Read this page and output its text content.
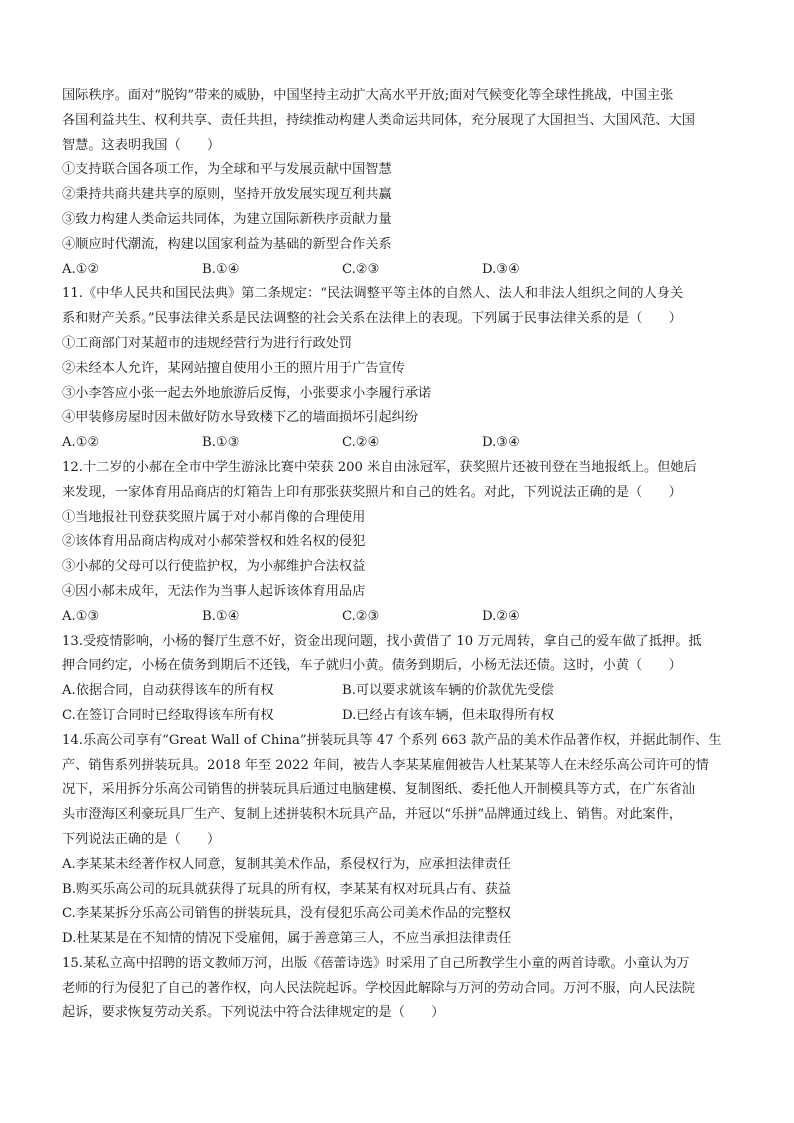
国际秩序。面对“脱钩”带来的威胁，中国坚持主动扩大高水平开放;面对气候变化等全球性挑战，中国主张

各国利益共生、权利共享、责任共担，持续推动构建人类命运共同体，充分展现了大国担当、大国风范、大国

智慧。这表明我国（　　）

①支持联合国各项工作，为全球和平与发展贡献中国智慧

②秉持共商共建共享的原则，坚持开放发展实现互利共赢

③致力构建人类命运共同体，为建立国际新秩序贡献力量

④顺应时代潮流，构建以国家利益为基础的新型合作关系

A.①②	B.①④	C.②③	D.③④

11.《中华人民共和国民法典》第二条规定：“民法调整平等主体的自然人、法人和非法人组织之间的人身关

系和财产关系。”民事法律关系是民法调整的社会关系在法律上的表现。下列属于民事法律关系的是（　　）

①工商部门对某超市的违规经营行为进行行政处罚

②未经本人允许，某网站擅自使用小王的照片用于广告宣传

③小李答应小张一起去外地旅游后反悔，小张要求小李履行承诺

④甲装修房屋时因未做好防水导致楼下乙的墙面损坏引起纠纷

A.①②	B.①③	C.②④	D.③④

12.十二岁的小郝在全市中学生游泳比赛中荣获 200 米自由泳冠军，获奖照片还被刊登在当地报纸上。但她后

来发现，一家体育用品商店的灯箱告上印有那张获奖照片和自己的姓名。对此，下列说法正确的是（　　）

①当地报社刊登获奖照片属于对小郝肖像的合理使用

②该体育用品商店构成对小郝荣誉权和姓名权的侵犯

③小郝的父母可以行使监护权，为小郝维护合法权益

④因小郝未成年，无法作为当事人起诉该体育用品店

A.①③	B.①④	C.②③	D.②④

13.受疫情影响，小杨的餐厅生意不好，资金出现问题，找小黄借了 10 万元周转，拿自己的爱车做了抵押。抵

押合同约定，小杨在债务到期后不还钱，车子就归小黄。债务到期后，小杨无法还债。这时，小黄（　　）

A.依据合同，自动获得该车的所有权	B.可以要求就该车辆的价款优先受偿
C.在签订合同时已经取得该车所有权	D.已经占有该车辆，但未取得所有权

14.乐高公司享有“Great Wall of China”拼装玩具等 47 个系列 663 款产品的美术作品著作权，并据此制作、生

产、销售系列拼装玩具。2018 年至 2022 年间，被告人李某某雇佣被告人杜某某等人在未经乐高公司许可的情

况下，采用拆分乐高公司销售的拼装玩具后通过电脑建模、复制图纸、委托他人开制模具等方式，在广东省汕

头市澄海区利豪玩具厂生产、复制上述拼装积木玩具产品，并冠以“乐拼”品牌通过线上、销售。对此案件，

下列说法正确的是（　　）

A.李某某未经著作权人同意，复制其美术作品，系侵权行为，应承担法律责任

B.购买乐高公司的玩具就获得了玩具的所有权，李某某有权对玩具占有、获益

C.李某某拆分乐高公司销售的拼装玩具，没有侵犯乐高公司美术作品的完整权

D.杜某某是在不知情的情况下受雇佣，属于善意第三人，不应当承担法律责任

15.某私立高中招聘的语文教师万河，出版《蓓蕾诗选》时采用了自己所教学生小童的两首诗歌。小童认为万

老师的行为侵犯了自己的著作权，向人民法院起诉。学校因此解除与万河的劳动合同。万河不服，向人民法院

起诉，要求恢复劳动关系。下列说法中符合法律规定的是（　　）
